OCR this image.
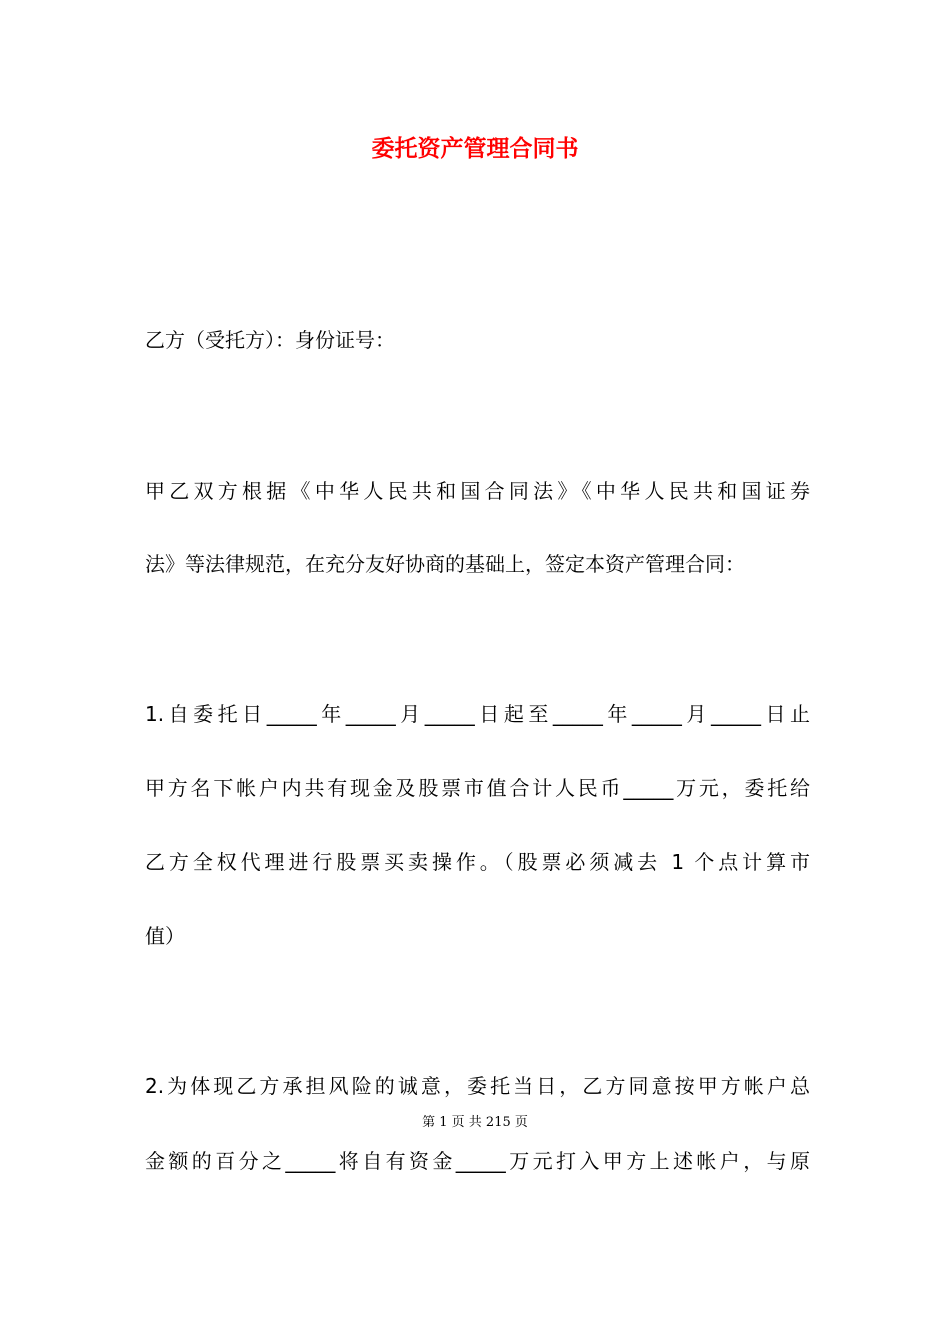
委托资产管理合同书
乙方（受托方）：身份证号：
甲乙双方根据《中华人民共和国合同法》《中华人民共和国证券
法》等法律规范，在充分友好协商的基础上，签定本资产管理合同：
1.自委托日_____年_____月_____日起至_____年_____月_____日止
甲方名下帐户内共有现金及股票市值合计人民币_____万元，委托给
乙方全权代理进行股票买卖操作。（股票必须减去 1 个点计算市
值）
2.为体现乙方承担风险的诚意，委托当日，乙方同意按甲方帐户总
第 1 页 共 215 页
金额的百分之_____将自有资金_____万元打入甲方上述帐户，与原
